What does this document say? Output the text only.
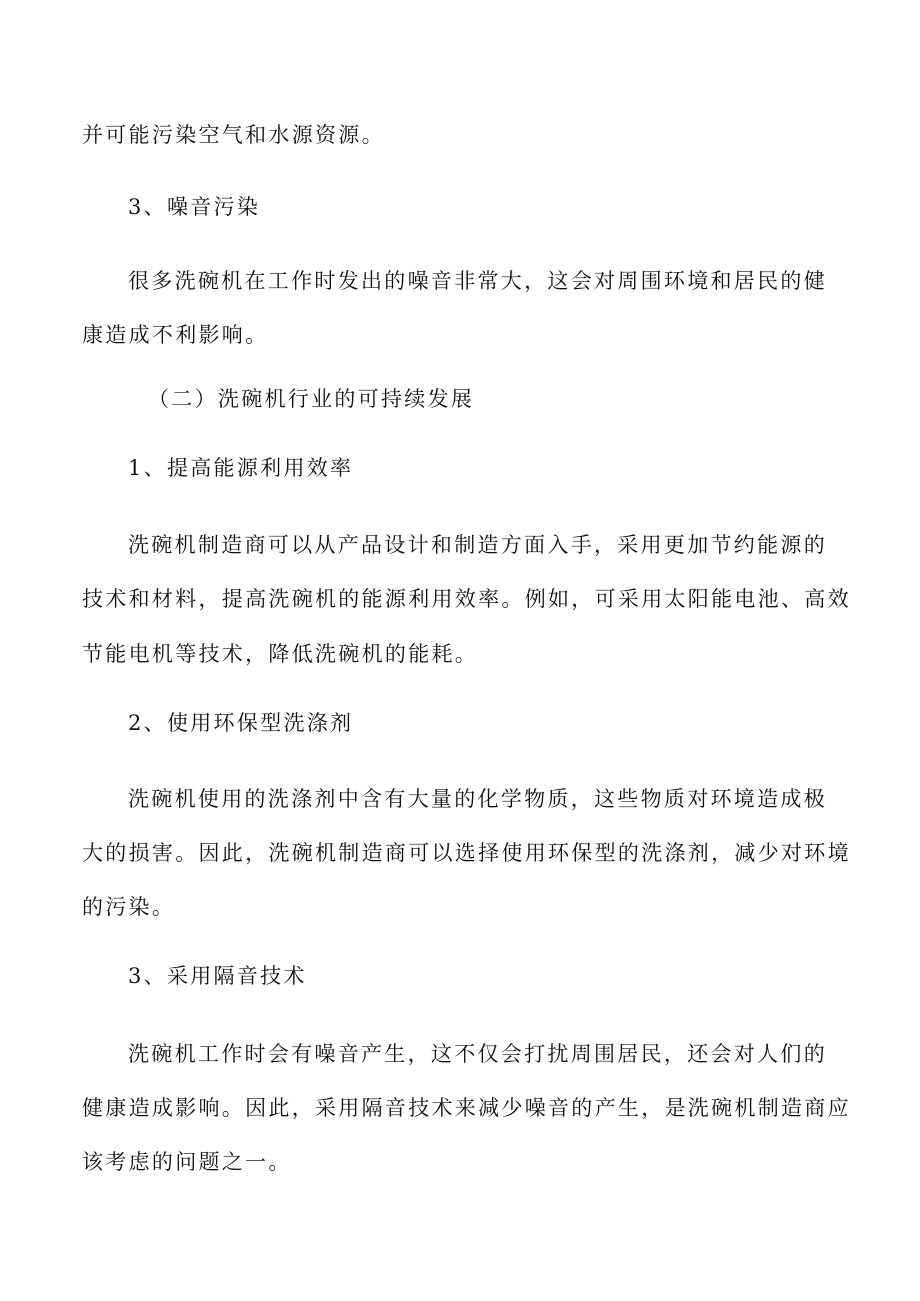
并可能污染空气和水源资源。
3、噪音污染
很多洗碗机在工作时发出的噪音非常大，这会对周围环境和居民的健
康造成不利影响。
（二）洗碗机行业的可持续发展
1、提高能源利用效率
洗碗机制造商可以从产品设计和制造方面入手，采用更加节约能源的
技术和材料，提高洗碗机的能源利用效率。例如，可采用太阳能电池、高效
节能电机等技术，降低洗碗机的能耗。
2、使用环保型洗涤剂
洗碗机使用的洗涤剂中含有大量的化学物质，这些物质对环境造成极
大的损害。因此，洗碗机制造商可以选择使用环保型的洗涤剂，减少对环境
的污染。
3、采用隔音技术
洗碗机工作时会有噪音产生，这不仅会打扰周围居民，还会对人们的
健康造成影响。因此，采用隔音技术来减少噪音的产生，是洗碗机制造商应
该考虑的问题之一。
